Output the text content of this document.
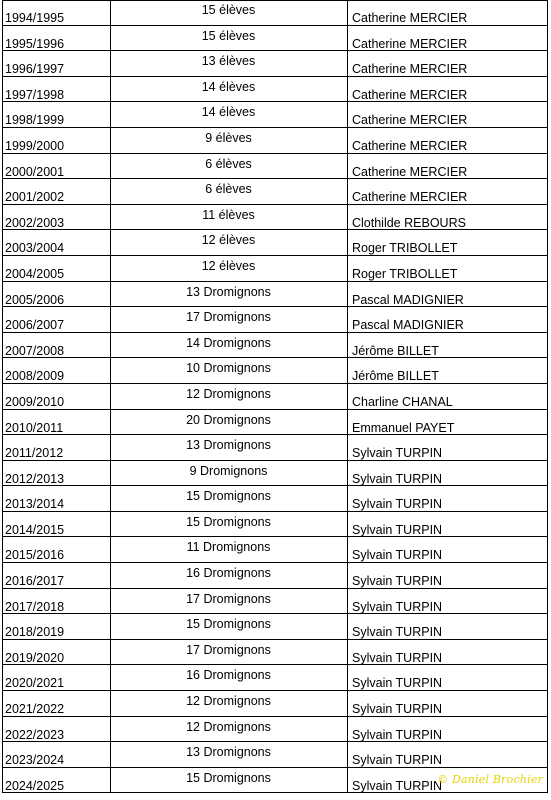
1994/1995
15 élèves
Catherine MERCIER
1995/1996
15 élèves
Catherine MERCIER
1996/1997
13 élèves
Catherine MERCIER
1997/1998
14 élèves
Catherine MERCIER
1998/1999
14 élèves
Catherine MERCIER
1999/2000
9 élèves
Catherine MERCIER
2000/2001
6 élèves
Catherine MERCIER
2001/2002
6 élèves
Catherine MERCIER
2002/2003
11 élèves
Clothilde REBOURS
2003/2004
12 élèves
Roger TRIBOLLET
2004/2005
12 élèves
Roger TRIBOLLET
2005/2006
13 Dromignons
Pascal MADIGNIER
2006/2007
17 Dromignons
Pascal MADIGNIER
2007/2008
14 Dromignons
Jérôme BILLET
2008/2009
10 Dromignons
Jérôme BILLET
2009/2010
12 Dromignons
Charline CHANAL
2010/2011
20 Dromignons
Emmanuel PAYET
2011/2012
13 Dromignons
Sylvain TURPIN
2012/2013
9 Dromignons
Sylvain TURPIN
2013/2014
15 Dromignons
Sylvain TURPIN
2014/2015
15 Dromignons
Sylvain TURPIN
2015/2016
11 Dromignons
Sylvain TURPIN
2016/2017
16 Dromignons
Sylvain TURPIN
2017/2018
17 Dromignons
Sylvain TURPIN
2018/2019
15 Dromignons
Sylvain TURPIN
2019/2020
17 Dromignons
Sylvain TURPIN
2020/2021
16 Dromignons
Sylvain TURPIN
2021/2022
12 Dromignons
Sylvain TURPIN
2022/2023
12 Dromignons
Sylvain TURPIN
2023/2024
13 Dromignons
Sylvain TURPIN
2024/2025
15 Dromignons
Sylvain TURPIN
© Daniel Brochier
